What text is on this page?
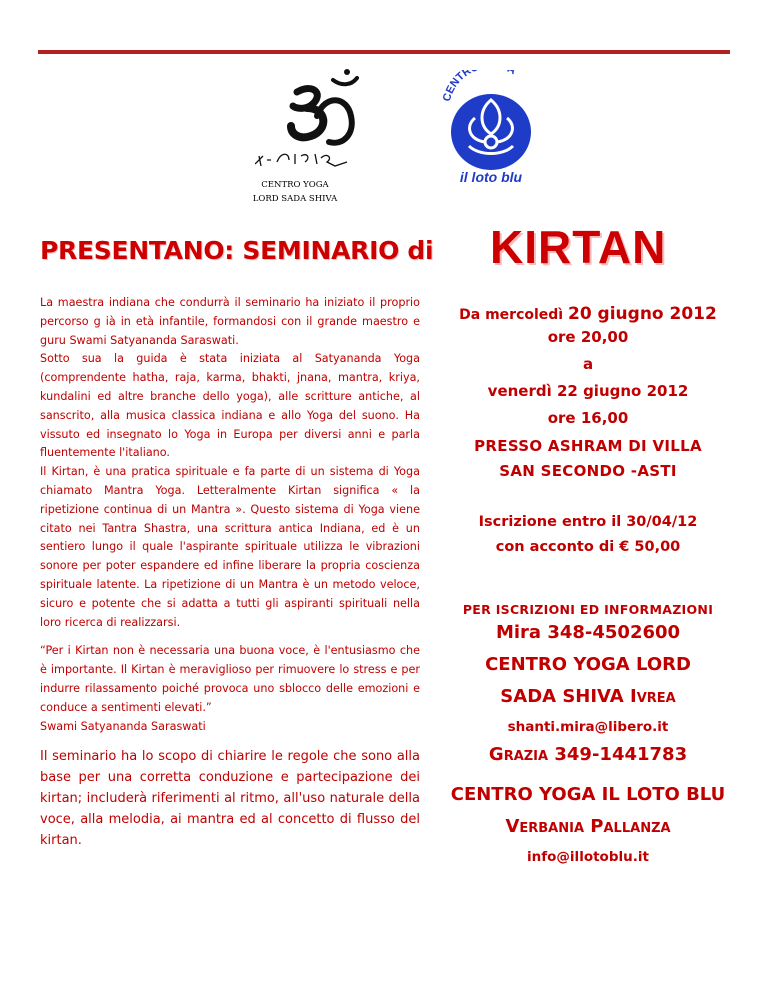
श्री शिवानंद
CENTRO YOGA
LORD SADA SHIVA
CENTR
il loto blu
PRESENTANO: SEMINARIO di KIRTAN

La maestra indiana che condurrà il seminario ha iniziato il proprio percorso g ià in età infantile, formandosi con il grande maestro e guru Swami Satyananda Saraswati.

Sotto sua la guida è stata iniziata al Satyananda Yoga (comprendente hatha, raja, karma, bhakti, jnana, mantra, kriya, kundalini ed altre branche dello yoga), alle scritture antiche, al sanscrito, alla musica classica indiana e allo Yoga del suono. Ha vissuto ed insegnato lo Yoga in Europa per diversi anni e parla fluentemente l'italiano.

Il Kirtan, è una pratica spirituale e fa parte di un sistema di Yoga chiamato Mantra Yoga. Letteralmente Kirtan significa « la ripetizione continua di un Mantra ». Questo sistema di Yoga viene citato nei Tantra Shastra, una scrittura antica Indiana, ed è un sentiero lungo il quale l'aspirante spirituale utilizza le vibrazioni sonore per poter espandere ed infine liberare la propria coscienza spirituale latente. La ripetizione di un Mantra è un metodo veloce, sicuro e potente che si adatta a tutti gli aspiranti spirituali nella loro ricerca di realizzarsi.

“Per i Kirtan non è necessaria una buona voce, è l'entusiasmo che è importante. Il Kirtan è meraviglioso per rimuovere lo stress e per indurre rilassamento poiché provoca uno sblocco delle emozioni e conduce a sentimenti elevati.”

Swami Satyananda Saraswati

Il seminario ha lo scopo di chiarire le regole che sono alla base per una corretta conduzione e partecipazione dei kirtan; includerà riferimenti al ritmo, all'uso naturale della voce, alla melodia, ai mantra ed al concetto di flusso del kirtan.

Da mercoledì 20 giugno 2012
ore 20,00
a
venerdì 22 giugno 2012
ore 16,00
PRESSO ASHRAM DI VILLA
SAN SECONDO -ASTI
Iscrizione entro il 30/04/12
con acconto di € 50,00
PER ISCRIZIONI ED INFORMAZIONI
Mira 348-4502600
CENTRO YOGA LORD
SADA SHIVA IVREA
shanti.mira@libero.it
GRAZIA 349-1441783
CENTRO YOGA IL LOTO BLU
VERBANIA PALLANZA
info@illotoblu.it
